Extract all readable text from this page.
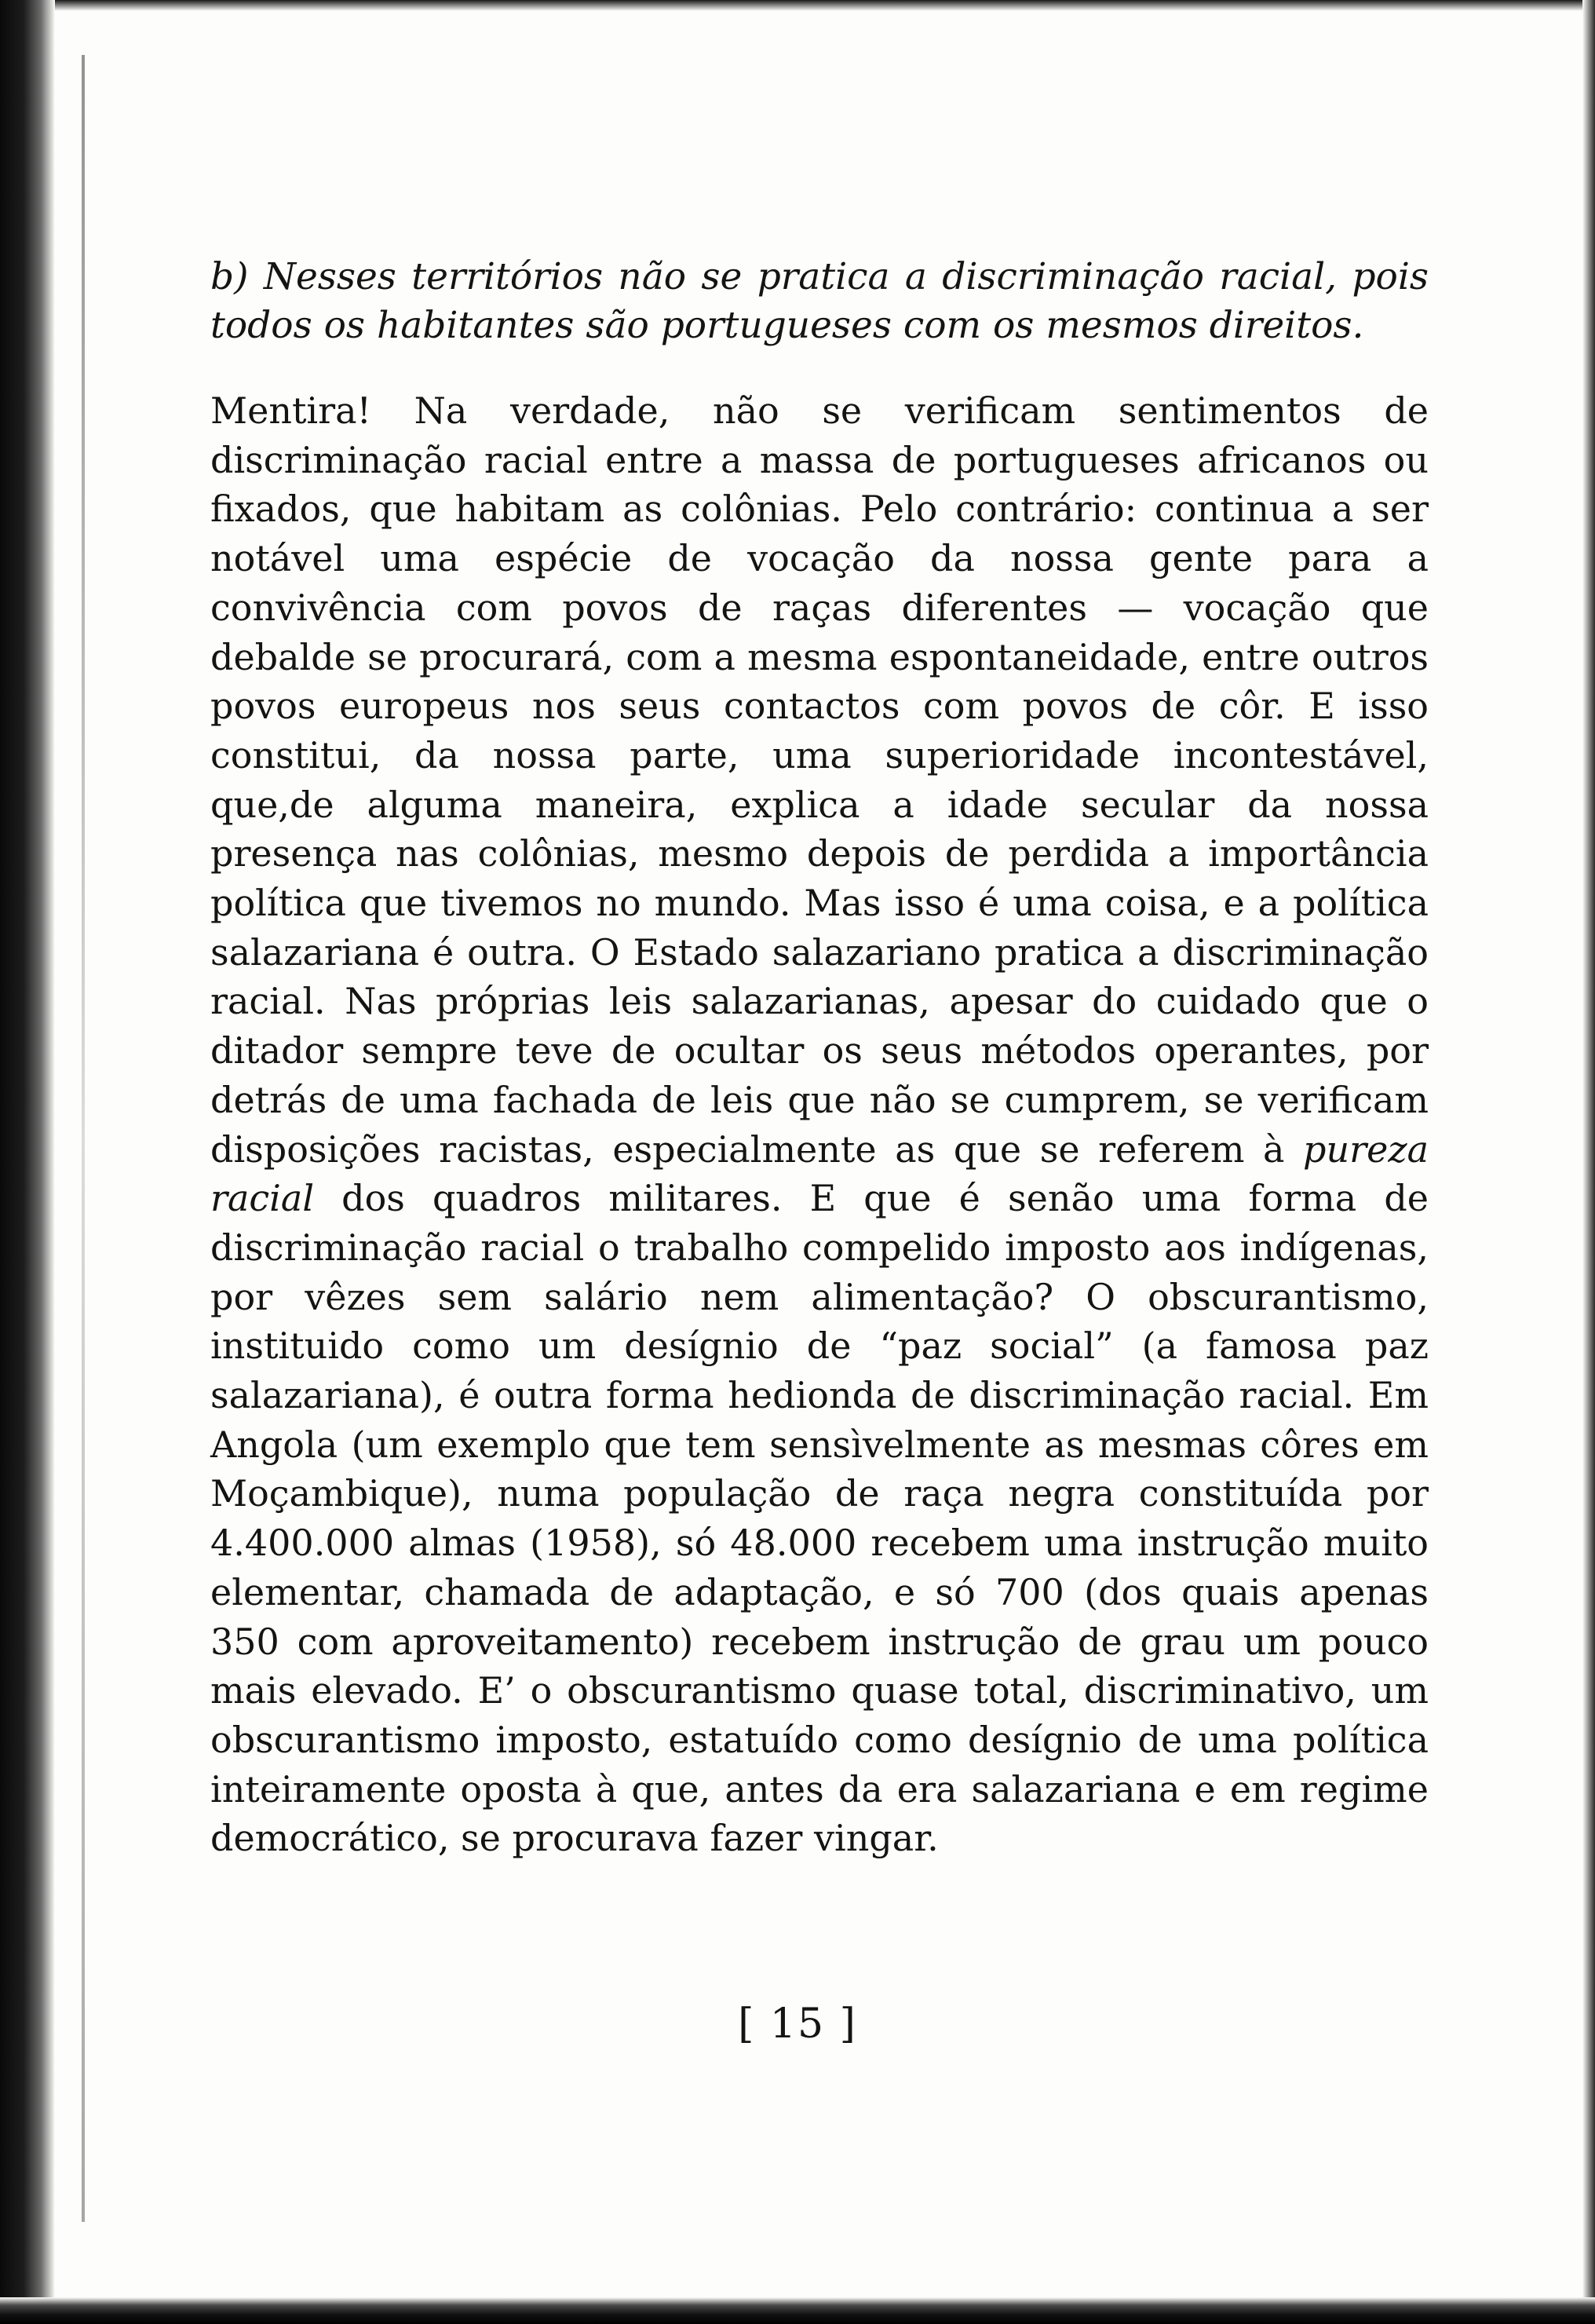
b) Nesses territórios não se pratica a discriminação racial, pois todos os habitantes são portugueses com os mesmos direitos.

Mentira! Na verdade, não se verificam sentimentos de discriminação racial entre a massa de portugueses africanos ou fixados, que habitam as colônias. Pelo contrário: continua a ser notável uma espécie de vocação da nossa gente para a convivência com povos de raças diferentes — vocação que debalde se procurará, com a mesma espontaneidade, entre outros povos europeus nos seus contactos com povos de côr. E isso constitui, da nossa parte, uma superioridade incontestável, que,de alguma maneira, explica a idade secular da nossa presença nas colônias, mesmo depois de perdida a importância política que tivemos no mundo. Mas isso é uma coisa, e a política salazariana é outra. O Estado salazariano pratica a discriminação racial. Nas próprias leis salazarianas, apesar do cuidado que o ditador sempre teve de ocultar os seus métodos operantes, por detrás de uma fachada de leis que não se cumprem, se verificam disposições racistas, especialmente as que se referem à pureza racial dos quadros militares. E que é senão uma forma de discriminação racial o trabalho compelido imposto aos indígenas, por vêzes sem salário nem alimentação? O obscurantismo, instituido como um desígnio de “paz social” (a famosa paz salazariana), é outra forma hedionda de discriminação racial. Em Angola (um exemplo que tem sensìvelmente as mesmas côres em Moçambique), numa população de raça negra constituída por 4.400.000 almas (1958), só 48.000 recebem uma instrução muito elementar, chamada de adaptação, e só 700 (dos quais apenas 350 com aproveitamento) recebem instrução de grau um pouco mais elevado. E’ o obscurantismo quase total, discriminativo, um obscurantismo imposto, estatuído como desígnio de uma política inteiramente oposta à que, antes da era salazariana e em regime democrático, se procurava fazer vingar.

[ 15 ]
